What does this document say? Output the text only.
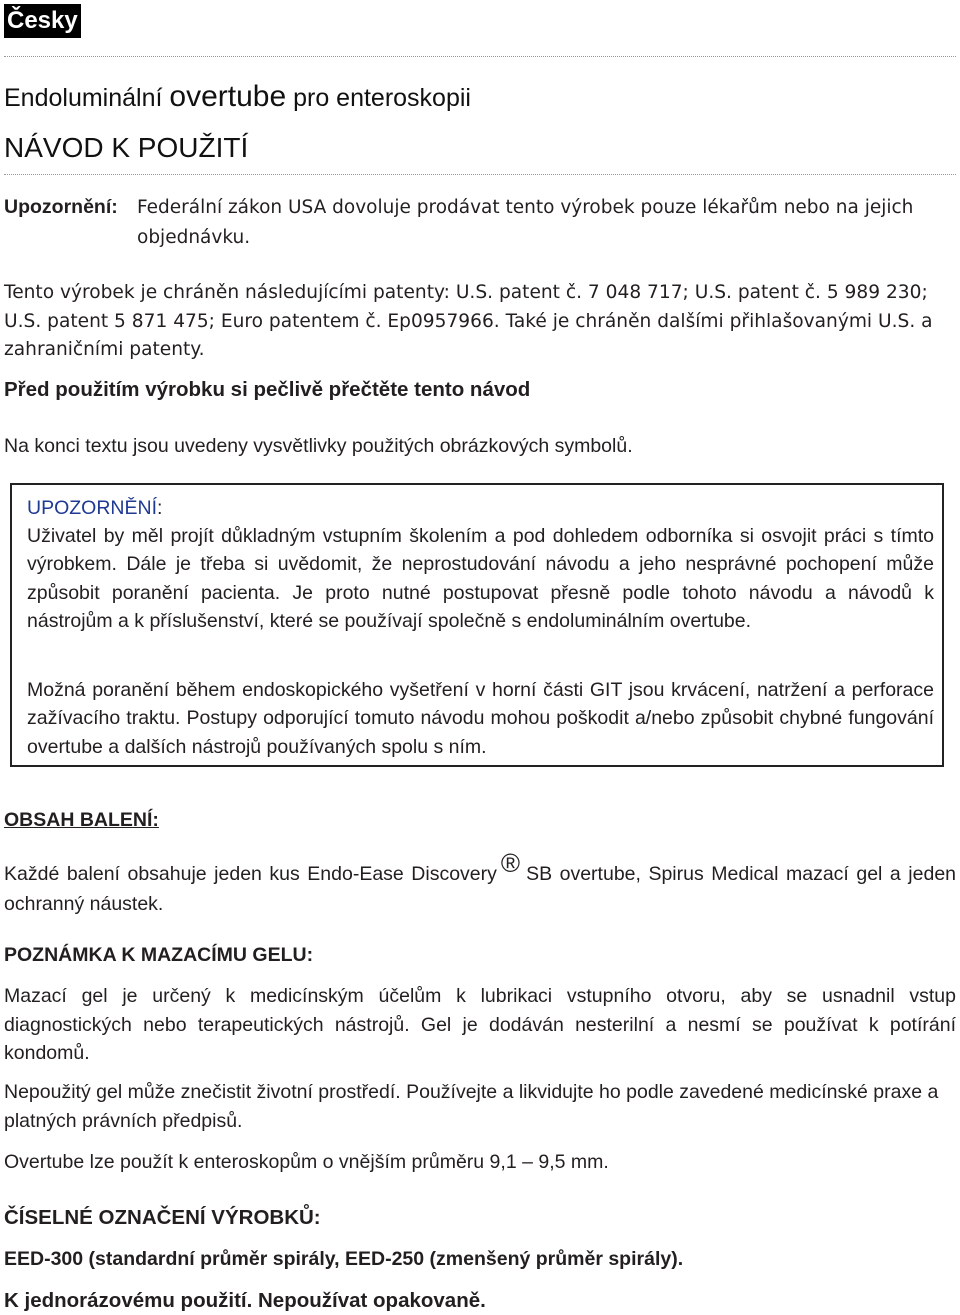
Česky
Endoluminální overtube pro enteroskopii
NÁVOD K POUŽITÍ
Upozornění: Federální zákon USA dovoluje prodávat tento výrobek pouze lékařům nebo na jejich objednávku.
Tento výrobek je chráněn následujícími patenty: U.S. patent č. 7 048 717; U.S. patent č. 5 989 230; U.S. patent 5 871 475; Euro patentem č. Ep0957966. Také je chráněn dalšími přihlašovanými U.S. a zahraničními patenty.
Před použitím výrobku si pečlivě přečtěte tento návod
Na konci textu jsou uvedeny vysvětlivky použitých obrázkových symbolů.
UPOZORNĚNÍ:
Uživatel by měl projít důkladným vstupním školením a pod dohledem odborníka si osvojit práci s tímto výrobkem. Dále je třeba si uvědomit, že neprostudování návodu a jeho nesprávné pochopení může způsobit poranění pacienta. Je proto nutné postupovat přesně podle tohoto návodu a návodů k nástrojům a k příslušenství, které se používají společně s endoluminálním overtube.
Možná poranění během endoskopického vyšetření v horní části GIT jsou krvácení, natržení a perforace zažívacího traktu. Postupy odporující tomuto návodu mohou poškodit a/nebo způsobit chybné fungování overtube a dalších nástrojů používaných spolu s ním.
OBSAH BALENÍ:
Každé balení obsahuje jeden kus Endo-Ease Discovery ® SB overtube, Spirus Medical mazací gel a jeden ochranný náustek.
POZNÁMKA K MAZACÍMU GELU:
Mazací gel je určený k medicínským účelům k lubrikaci vstupního otvoru, aby se usnadnil vstup diagnostických nebo terapeutických nástrojů. Gel je dodáván nesterilní a nesmí se používat k potírání kondomů.
Nepoužitý gel může znečistit životní prostředí. Používejte a likvidujte ho podle zavedené medicínské praxe a platných právních předpisů.
Overtube lze použít k enteroskopům o vnějším průměru 9,1 – 9,5 mm.
ČÍSELNÉ OZNAČENÍ VÝROBKŮ:
EED-300 (standardní průměr spirály, EED-250 (zmenšený průměr spirály).
K jednorázovému použití. Nepoužívat opakovaně.
